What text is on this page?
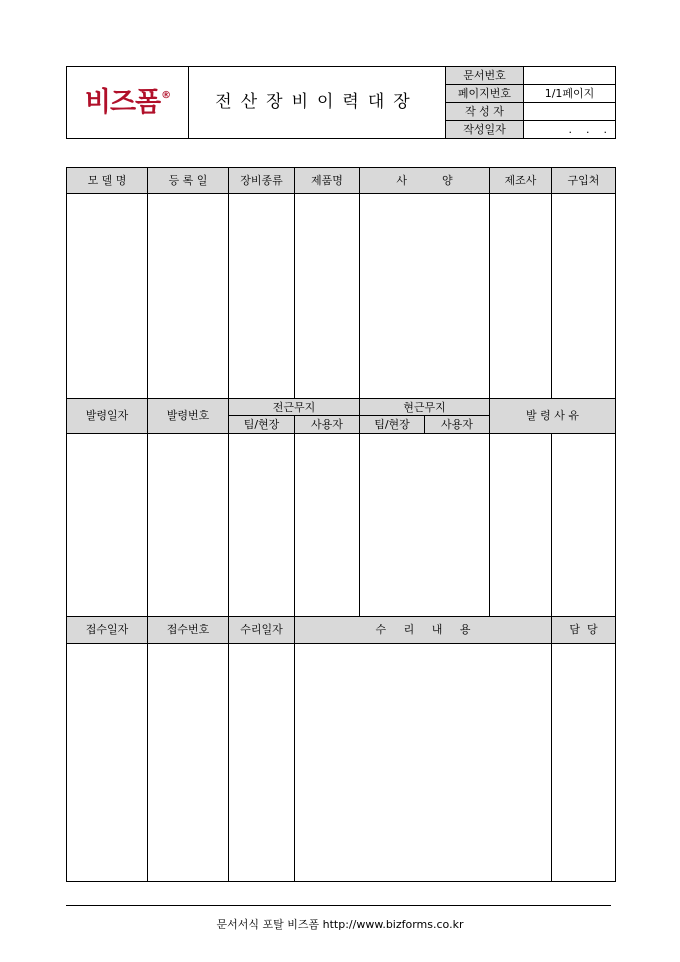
비즈폼 ®	전산장비이력대장	문서번호	
		페이지번호	1/1페이지
		작 성 자	
		작성일자	.    .    .
모 델 명	등 록 일	장비종류	제품명	사          양		제조사	구입처

발령일자	발령번호	전근무지		현근무지		발 령 사 유	
		팀/현장	사용자	팀/현장	사용자		

접수일자	접수번호	수리일자	수     리     내     용				담  당

문서서식 포탈 비즈폼 http://www.bizforms.co.kr
